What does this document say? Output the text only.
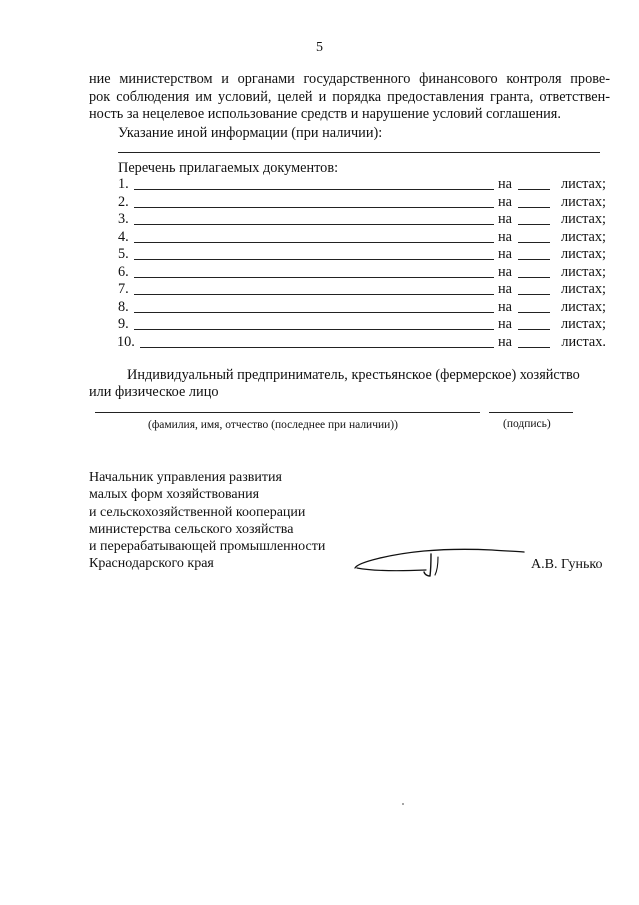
5
ние министерством и органами государственного финансового контроля прове-
рок соблюдения им условий, целей и порядка предоставления гранта, ответствен-
ность за нецелевое использование средств и нарушение условий соглашения.
Указание иной информации (при наличии):
Перечень прилагаемых документов:
1.	на	листах;
2.	на	листах;
3.	на	листах;
4.	на	листах;
5.	на	листах;
6.	на	листах;
7.	на	листах;
8.	на	листах;
9.	на	листах;
10.	на	листах.
Индивидуальный предприниматель, крестьянское (фермерское) хозяйство
или физическое лицо
(фамилия, имя, отчество (последнее при наличии))	(подпись)
Начальник управления развития
малых форм хозяйствования
и сельскохозяйственной кооперации
министерства сельского хозяйства
и перерабатывающей промышленности
Краснодарского края	А.В. Гунько
